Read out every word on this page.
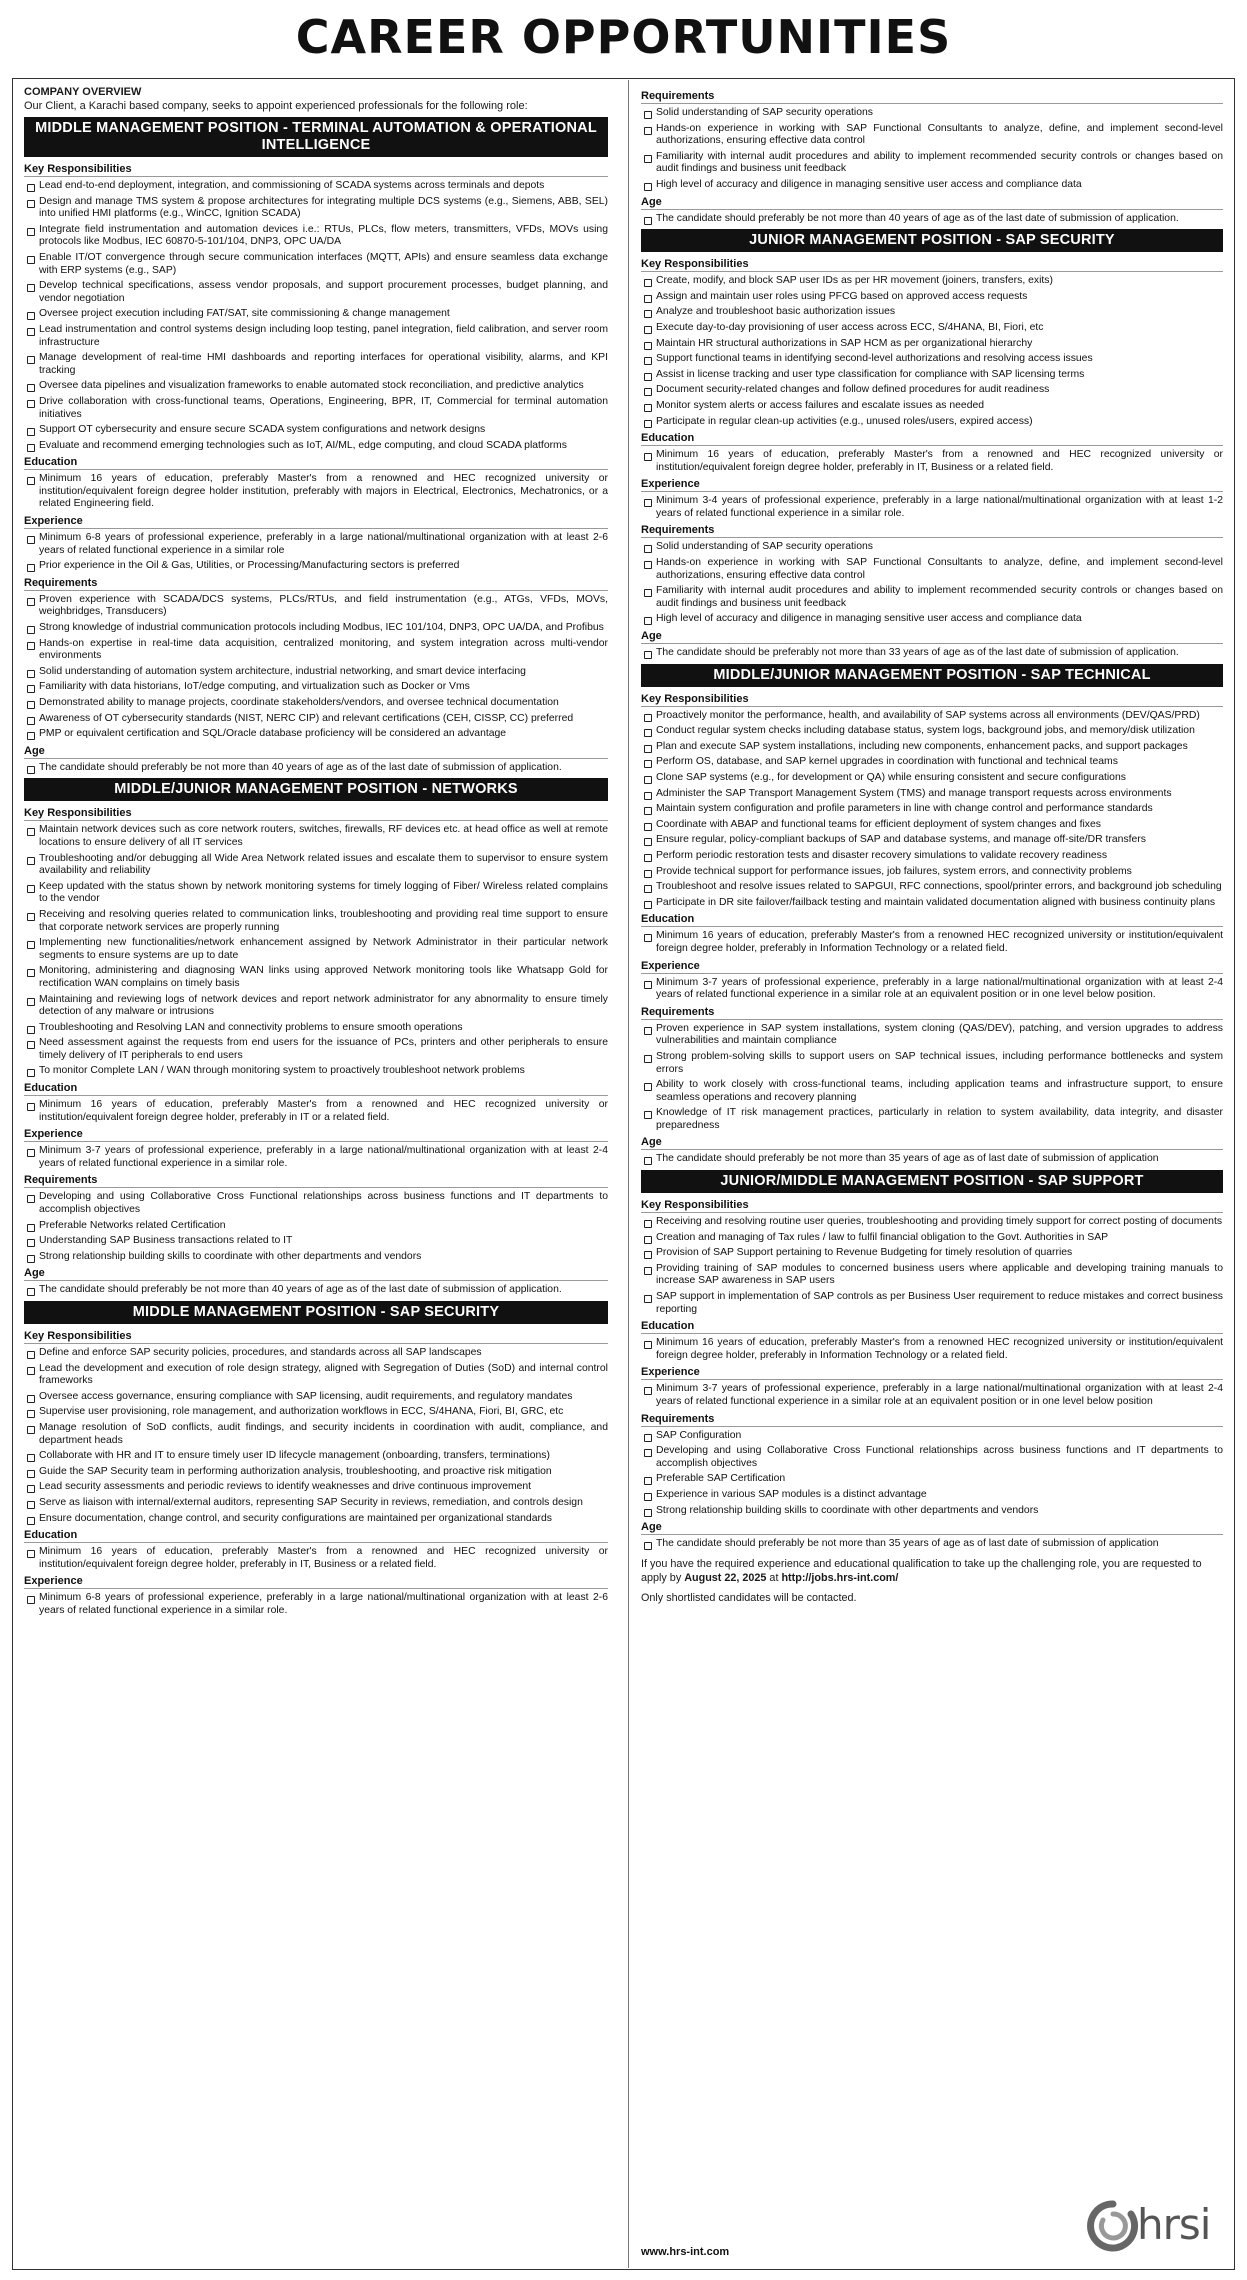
CAREER OPPORTUNITIES
COMPANY OVERVIEW
Our Client, a Karachi based company, seeks to appoint experienced professionals for the following role:
MIDDLE MANAGEMENT POSITION - TERMINAL AUTOMATION & OPERATIONAL INTELLIGENCE
Key Responsibilities
Lead end-to-end deployment, integration, and commissioning of SCADA systems across terminals and depots
Design and manage TMS system & propose architectures for integrating multiple DCS systems (e.g., Siemens, ABB, SEL) into unified HMI platforms (e.g., WinCC, Ignition SCADA)
Integrate field instrumentation and automation devices i.e.: RTUs, PLCs, flow meters, transmitters, VFDs, MOVs using protocols like Modbus, IEC 60870-5-101/104, DNP3, OPC UA/DA
Enable IT/OT convergence through secure communication interfaces (MQTT, APIs) and ensure seamless data exchange with ERP systems (e.g., SAP)
Develop technical specifications, assess vendor proposals, and support procurement processes, budget planning, and vendor negotiation
Oversee project execution including FAT/SAT, site commissioning & change management
Lead instrumentation and control systems design including loop testing, panel integration, field calibration, and server room infrastructure
Manage development of real-time HMI dashboards and reporting interfaces for operational visibility, alarms, and KPI tracking
Oversee data pipelines and visualization frameworks to enable automated stock reconciliation, and predictive analytics
Drive collaboration with cross-functional teams, Operations, Engineering, BPR, IT, Commercial for terminal automation initiatives
Support OT cybersecurity and ensure secure SCADA system configurations and network designs
Evaluate and recommend emerging technologies such as IoT, AI/ML, edge computing, and cloud SCADA platforms
Education
Minimum 16 years of education, preferably Master's from a renowned and HEC recognized university or institution/equivalent foreign degree holder institution, preferably with majors in Electrical, Electronics, Mechatronics, or a related Engineering field.
Experience
Minimum 6-8 years of professional experience, preferably in a large national/multinational organization with at least 2-6 years of related functional experience in a similar role
Prior experience in the Oil & Gas, Utilities, or Processing/Manufacturing sectors is preferred
Requirements
Proven experience with SCADA/DCS systems, PLCs/RTUs, and field instrumentation (e.g., ATGs, VFDs, MOVs, weighbridges, Transducers)
Strong knowledge of industrial communication protocols including Modbus, IEC 101/104, DNP3, OPC UA/DA, and Profibus
Hands-on expertise in real-time data acquisition, centralized monitoring, and system integration across multi-vendor environments
Solid understanding of automation system architecture, industrial networking, and smart device interfacing
Familiarity with data historians, IoT/edge computing, and virtualization such as Docker or Vms
Demonstrated ability to manage projects, coordinate stakeholders/vendors, and oversee technical documentation
Awareness of OT cybersecurity standards (NIST, NERC CIP) and relevant certifications (CEH, CISSP, CC) preferred
PMP or equivalent certification and SQL/Oracle database proficiency will be considered an advantage
Age
The candidate should preferably be not more than 40 years of age as of the last date of submission of application.
MIDDLE/JUNIOR MANAGEMENT POSITION - NETWORKS
Key Responsibilities
Maintain network devices such as core network routers, switches, firewalls, RF devices etc. at head office as well at remote locations to ensure delivery of all IT services
Troubleshooting and/or debugging all Wide Area Network related issues and escalate them to supervisor to ensure system availability and reliability
Keep updated with the status shown by network monitoring systems for timely logging of Fiber/ Wireless related complains to the vendor
Receiving and resolving queries related to communication links, troubleshooting and providing real time support to ensure that corporate network services are properly running
Implementing new functionalities/network enhancement assigned by Network Administrator in their particular network segments to ensure systems are up to date
Monitoring, administering and diagnosing WAN links using approved Network monitoring tools like Whatsapp Gold for rectification WAN complains on timely basis
Maintaining and reviewing logs of network devices and report network administrator for any abnormality to ensure timely detection of any malware or intrusions
Troubleshooting and Resolving LAN and connectivity problems to ensure smooth operations
Need assessment against the requests from end users for the issuance of PCs, printers and other peripherals to ensure timely delivery of IT peripherals to end users
To monitor Complete LAN / WAN through monitoring system to proactively troubleshoot network problems
Education
Minimum 16 years of education, preferably Master's from a renowned and HEC recognized university or institution/equivalent foreign degree holder, preferably in IT or a related field.
Experience
Minimum 3-7 years of professional experience, preferably in a large national/multinational organization with at least 2-4 years of related functional experience in a similar role.
Requirements
Developing and using Collaborative Cross Functional relationships across business functions and IT departments to accomplish objectives
Preferable Networks related Certification
Understanding SAP Business transactions related to IT
Strong relationship building skills to coordinate with other departments and vendors
Age
The candidate should preferably be not more than 40 years of age as of the last date of submission of application.
MIDDLE MANAGEMENT POSITION - SAP SECURITY
Key Responsibilities
Define and enforce SAP security policies, procedures, and standards across all SAP landscapes
Lead the development and execution of role design strategy, aligned with Segregation of Duties (SoD) and internal control frameworks
Oversee access governance, ensuring compliance with SAP licensing, audit requirements, and regulatory mandates
Supervise user provisioning, role management, and authorization workflows in ECC, S/4HANA, Fiori, BI, GRC, etc
Manage resolution of SoD conflicts, audit findings, and security incidents in coordination with audit, compliance, and department heads
Collaborate with HR and IT to ensure timely user ID lifecycle management (onboarding, transfers, terminations)
Guide the SAP Security team in performing authorization analysis, troubleshooting, and proactive risk mitigation
Lead security assessments and periodic reviews to identify weaknesses and drive continuous improvement
Serve as liaison with internal/external auditors, representing SAP Security in reviews, remediation, and controls design
Ensure documentation, change control, and security configurations are maintained per organizational standards
Education
Minimum 16 years of education, preferably Master's from a renowned and HEC recognized university or institution/equivalent foreign degree holder, preferably in IT, Business or a related field.
Experience
Minimum 6-8 years of professional experience, preferably in a large national/multinational organization with at least 2-6 years of related functional experience in a similar role.
Requirements
Solid understanding of SAP security operations
Hands-on experience in working with SAP Functional Consultants to analyze, define, and implement second-level authorizations, ensuring effective data control
Familiarity with internal audit procedures and ability to implement recommended security controls or changes based on audit findings and business unit feedback
High level of accuracy and diligence in managing sensitive user access and compliance data
Age
The candidate should preferably be not more than 40 years of age as of the last date of submission of application.
JUNIOR MANAGEMENT POSITION - SAP SECURITY
Key Responsibilities
Create, modify, and block SAP user IDs as per HR movement (joiners, transfers, exits)
Assign and maintain user roles using PFCG based on approved access requests
Analyze and troubleshoot basic authorization issues
Execute day-to-day provisioning of user access across ECC, S/4HANA, BI, Fiori, etc
Maintain HR structural authorizations in SAP HCM as per organizational hierarchy
Support functional teams in identifying second-level authorizations and resolving access issues
Assist in license tracking and user type classification for compliance with SAP licensing terms
Document security-related changes and follow defined procedures for audit readiness
Monitor system alerts or access failures and escalate issues as needed
Participate in regular clean-up activities (e.g., unused roles/users, expired access)
Education
Minimum 16 years of education, preferably Master's from a renowned and HEC recognized university or institution/equivalent foreign degree holder, preferably in IT, Business or a related field.
Experience
Minimum 3-4 years of professional experience, preferably in a large national/multinational organization with at least 1-2 years of related functional experience in a similar role.
Requirements
Solid understanding of SAP security operations
Hands-on experience in working with SAP Functional Consultants to analyze, define, and implement second-level authorizations, ensuring effective data control
Familiarity with internal audit procedures and ability to implement recommended security controls or changes based on audit findings and business unit feedback
High level of accuracy and diligence in managing sensitive user access and compliance data
Age
The candidate should be preferably not more than 33 years of age as of the last date of submission of application.
MIDDLE/JUNIOR MANAGEMENT POSITION - SAP TECHNICAL
Key Responsibilities
Proactively monitor the performance, health, and availability of SAP systems across all environments (DEV/QAS/PRD)
Conduct regular system checks including database status, system logs, background jobs, and memory/disk utilization
Plan and execute SAP system installations, including new components, enhancement packs, and support packages
Perform OS, database, and SAP kernel upgrades in coordination with functional and technical teams
Clone SAP systems (e.g., for development or QA) while ensuring consistent and secure configurations
Administer the SAP Transport Management System (TMS) and manage transport requests across environments
Maintain system configuration and profile parameters in line with change control and performance standards
Coordinate with ABAP and functional teams for efficient deployment of system changes and fixes
Ensure regular, policy-compliant backups of SAP and database systems, and manage off-site/DR transfers
Perform periodic restoration tests and disaster recovery simulations to validate recovery readiness
Provide technical support for performance issues, job failures, system errors, and connectivity problems
Troubleshoot and resolve issues related to SAPGUI, RFC connections, spool/printer errors, and background job scheduling
Participate in DR site failover/failback testing and maintain validated documentation aligned with business continuity plans
Education
Minimum 16 years of education, preferably Master's from a renowned HEC recognized university or institution/equivalent foreign degree holder, preferably in Information Technology or a related field.
Experience
Minimum 3-7 years of professional experience, preferably in a large national/multinational organization with at least 2-4 years of related functional experience in a similar role at an equivalent position or in one level below position.
Requirements
Proven experience in SAP system installations, system cloning (QAS/DEV), patching, and version upgrades to address vulnerabilities and maintain compliance
Strong problem-solving skills to support users on SAP technical issues, including performance bottlenecks and system errors
Ability to work closely with cross-functional teams, including application teams and infrastructure support, to ensure seamless operations and recovery planning
Knowledge of IT risk management practices, particularly in relation to system availability, data integrity, and disaster preparedness
Age
The candidate should preferably be not more than 35 years of age as of last date of submission of application
JUNIOR/MIDDLE MANAGEMENT POSITION - SAP SUPPORT
Key Responsibilities
Receiving and resolving routine user queries, troubleshooting and providing timely support for correct posting of documents
Creation and managing of Tax rules / law to fulfil financial obligation to the Govt. Authorities in SAP
Provision of SAP Support pertaining to Revenue Budgeting for timely resolution of quarries
Providing training of SAP modules to concerned business users where applicable and developing training manuals to increase SAP awareness in SAP users
SAP support in implementation of SAP controls as per Business User requirement to reduce mistakes and correct business reporting
Education
Minimum 16 years of education, preferably Master's from a renowned HEC recognized university or institution/equivalent foreign degree holder, preferably in Information Technology or a related field.
Experience
Minimum 3-7 years of professional experience, preferably in a large national/multinational organization with at least 2-4 years of related functional experience in a similar role at an equivalent position or in one level below position
Requirements
SAP Configuration
Developing and using Collaborative Cross Functional relationships across business functions and IT departments to accomplish objectives
Preferable SAP Certification
Experience in various SAP modules is a distinct advantage
Strong relationship building skills to coordinate with other departments and vendors
Age
The candidate should preferably be not more than 35 years of age as of last date of submission of application
If you have the required experience and educational qualification to take up the challenging role, you are requested to apply by August 22, 2025 at http://jobs.hrs-int.com/
Only shortlisted candidates will be contacted.
www.hrs-int.com
hrsi
